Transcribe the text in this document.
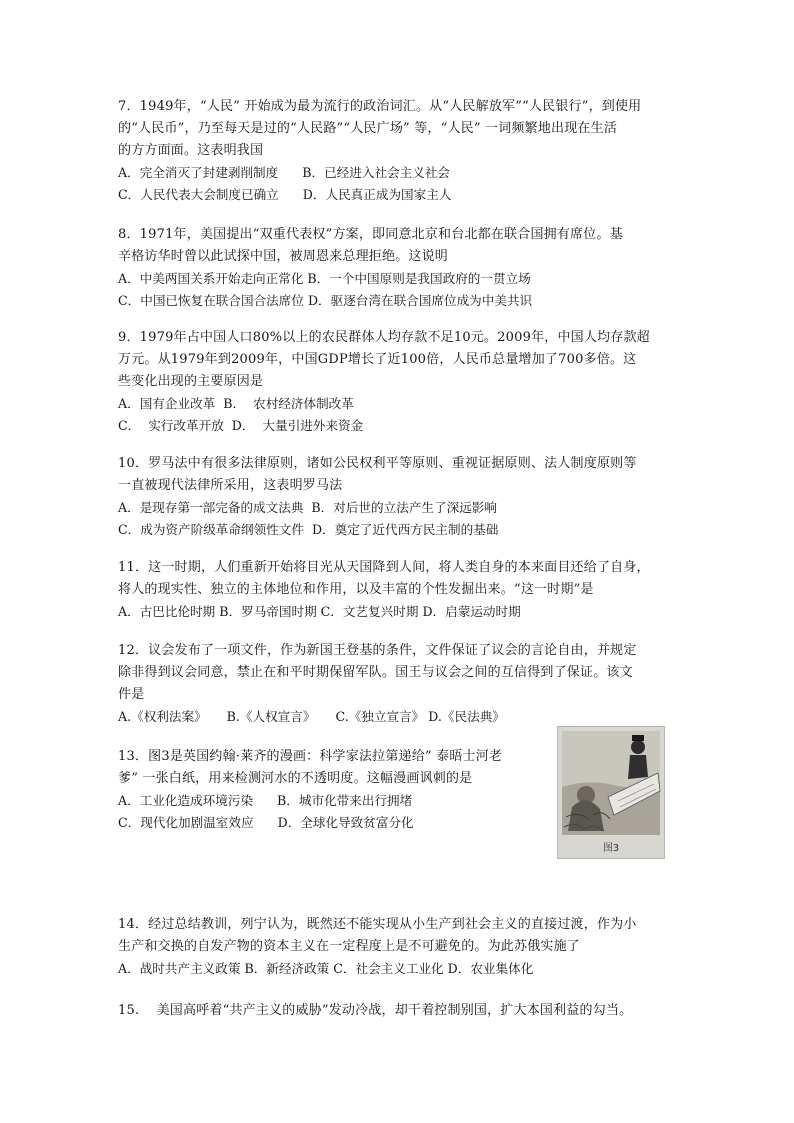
7．1949年，“人民” 开始成为最为流行的政治词汇。从“人民解放军”“人民银行”，到使用
的“人民币”，乃至每天是过的“人民路”“人民广场” 等，“人民” 一词频繁地出现在生活
的方方面面。这表明我国
A．完全消灭了封建剥削制度      B．已经进入社会主义社会
C．人民代表大会制度已确立      D．人民真正成为国家主人
8．1971年，美国提出“双重代表权”方案，即同意北京和台北都在联合国拥有席位。基
辛格访华时曾以此试探中国，被周恩来总理拒绝。这说明
A．中美两国关系开始走向正常化 B．一个中国原则是我国政府的一贯立场
C．中国已恢复在联合国合法席位 D．驱逐台湾在联合国席位成为中美共识
9．1979年占中国人口80%以上的农民群体人均存款不足10元。2009年，中国人均存款超
万元。从1979年到2009年，中国GDP增长了近100倍，人民币总量增加了700多倍。这
些变化出现的主要原因是
A．国有企业改革  B．  农村经济体制改革
C．  实行改革开放  D．  大量引进外来资金
10．罗马法中有很多法律原则，诸如公民权利平等原则、重视证据原则、法人制度原则等
一直被现代法律所采用，这表明罗马法
A．是现存第一部完备的成文法典  B．对后世的立法产生了深远影响
C．成为资产阶级革命纲领性文件  D．奠定了近代西方民主制的基础
11．这一时期，人们重新开始将目光从天国降到人间，将人类自身的本来面目还给了自身，
将人的现实性、独立的主体地位和作用，以及丰富的个性发掘出来。“这一时期”是
A．古巴比伦时期 B．罗马帝国时期 C．文艺复兴时期 D．启蒙运动时期
12．议会发布了一项文件，作为新国王登基的条件，文件保证了议会的言论自由，并规定
除非得到议会同意，禁止在和平时期保留军队。国王与议会之间的互信得到了保证。该文
件是
A.《权利法案》     B.《人权宣言》     C.《独立宣言》 D.《民法典》
13．图3是英国约翰·莱齐的漫画：科学家法拉第递给” 泰晤士河老
爹” 一张白纸，用来检测河水的不透明度。这幅漫画讽刺的是
A．工业化造成环境污染      B．城市化带来出行拥堵
C．现代化加剧温室效应      D．全球化导致贫富分化
图3
14．经过总结教训，列宁认为，既然还不能实现从小生产到社会主义的直接过渡，作为小
生产和交换的自发产物的资本主义在一定程度上是不可避免的。为此苏俄实施了
A．战时共产主义政策 B．新经济政策 C．社会主义工业化 D．农业集体化
15.    美国高呼着“共产主义的威胁”发动冷战，却干着控制别国，扩大本国利益的勾当。
